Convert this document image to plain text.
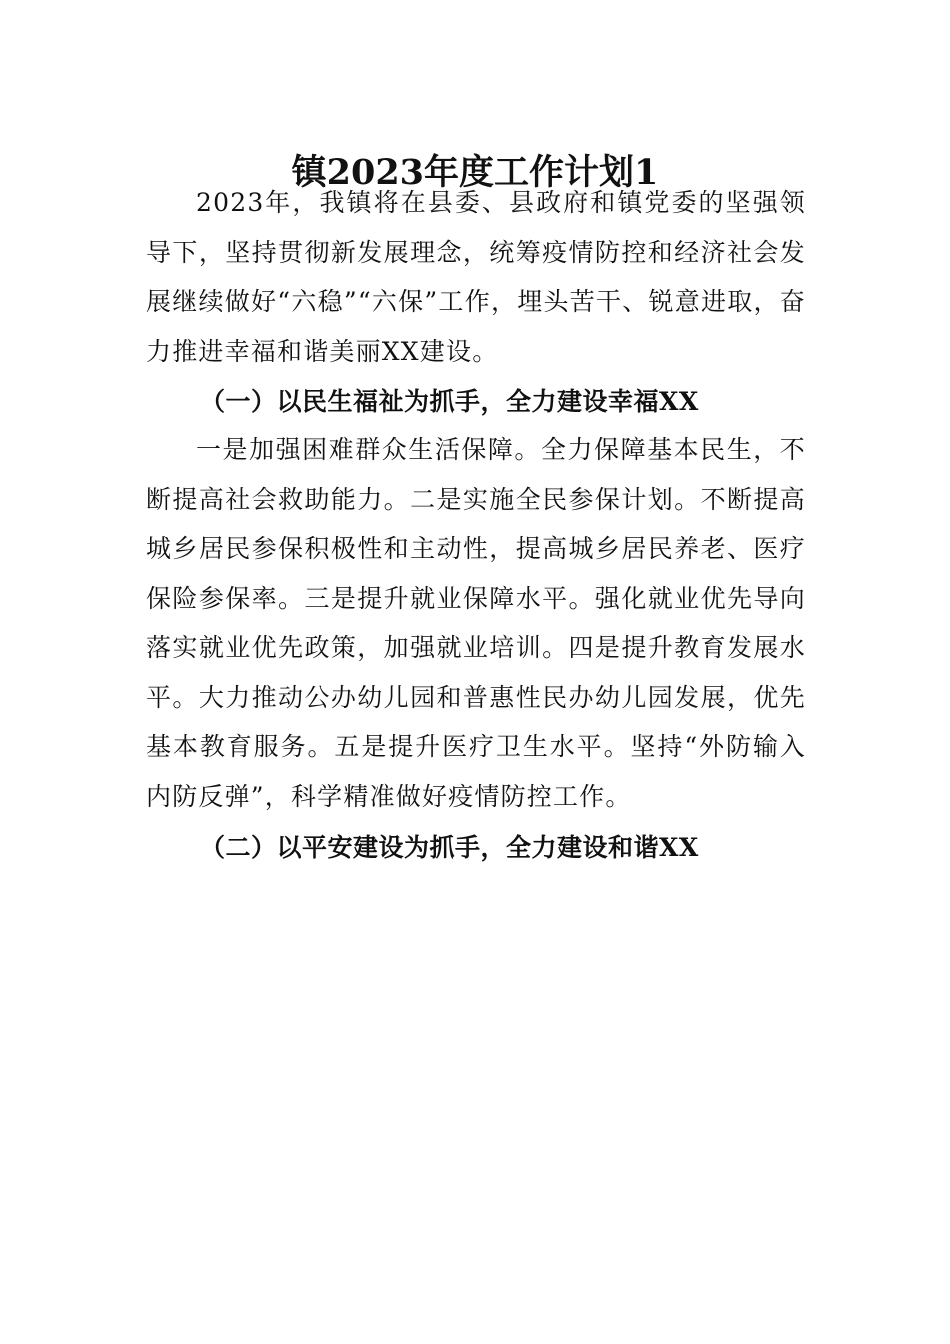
镇2023年度工作计划1

2023年，我镇将在县委、县政府和镇党委的坚强领导下，坚持贯彻新发展理念，统筹疫情防控和经济社会发展继续做好“六稳”“六保”工作，埋头苦干、锐意进取，奋力推进幸福和谐美丽XX建设。

（一）以民生福祉为抓手，全力建设幸福XX

一是加强困难群众生活保障。全力保障基本民生，不断提高社会救助能力。二是实施全民参保计划。不断提高城乡居民参保积极性和主动性，提高城乡居民养老、医疗保险参保率。三是提升就业保障水平。强化就业优先导向落实就业优先政策，加强就业培训。四是提升教育发展水平。大力推动公办幼儿园和普惠性民办幼儿园发展，优先基本教育服务。五是提升医疗卫生水平。坚持“外防输入内防反弹”，科学精准做好疫情防控工作。

（二）以平安建设为抓手，全力建设和谐XX
